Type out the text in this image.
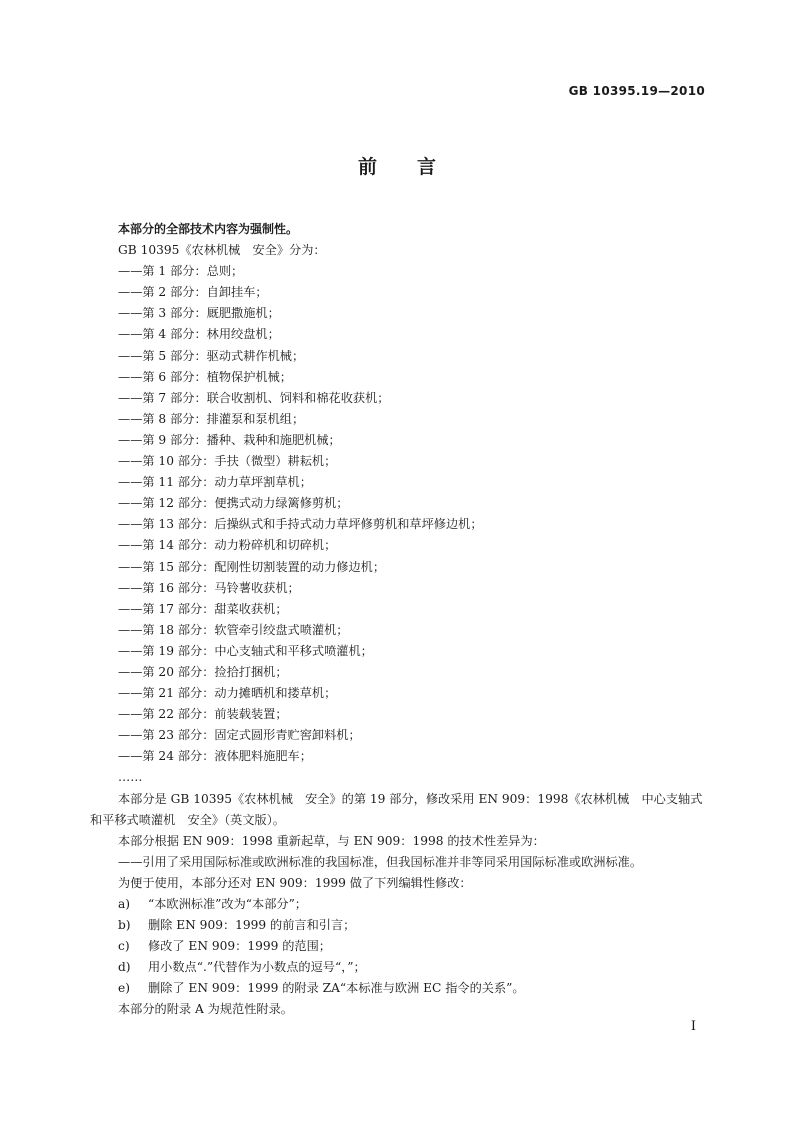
GB 10395.19—2010
前 言
本部分的全部技术内容为强制性。
GB 10395《农林机械　安全》分为：
——第 1 部分：总则；
——第 2 部分：自卸挂车；
——第 3 部分：厩肥撒施机；
——第 4 部分：林用绞盘机；
——第 5 部分：驱动式耕作机械；
——第 6 部分：植物保护机械；
——第 7 部分：联合收割机、饲料和棉花收获机；
——第 8 部分：排灌泵和泵机组；
——第 9 部分：播种、栽种和施肥机械；
——第 10 部分：手扶（微型）耕耘机；
——第 11 部分：动力草坪割草机；
——第 12 部分：便携式动力绿篱修剪机；
——第 13 部分：后操纵式和手持式动力草坪修剪机和草坪修边机；
——第 14 部分：动力粉碎机和切碎机；
——第 15 部分：配刚性切割装置的动力修边机；
——第 16 部分：马铃薯收获机；
——第 17 部分：甜菜收获机；
——第 18 部分：软管牵引绞盘式喷灌机；
——第 19 部分：中心支轴式和平移式喷灌机；
——第 20 部分：捡拾打捆机；
——第 21 部分：动力摊晒机和搂草机；
——第 22 部分：前装载装置；
——第 23 部分：固定式圆形青贮窖卸料机；
——第 24 部分：液体肥料施肥车；
……
本部分是 GB 10395《农林机械　安全》的第 19 部分，修改采用 EN 909：1998《农林机械　中心支轴式和平移式喷灌机　安全》（英文版）。
本部分根据 EN 909：1998 重新起草，与 EN 909：1998 的技术性差异为：
——引用了采用国际标准或欧洲标准的我国标准，但我国标准并非等同采用国际标准或欧洲标准。
为便于使用，本部分还对 EN 909：1999 做了下列编辑性修改：
a) “本欧洲标准”改为“本部分”；
b) 删除 EN 909：1999 的前言和引言；
c) 修改了 EN 909：1999 的范围；
d) 用小数点“.”代替作为小数点的逗号“，”；
e) 删除了 EN 909：1999 的附录 ZA“本标准与欧洲 EC 指令的关系”。
本部分的附录 A 为规范性附录。
I
